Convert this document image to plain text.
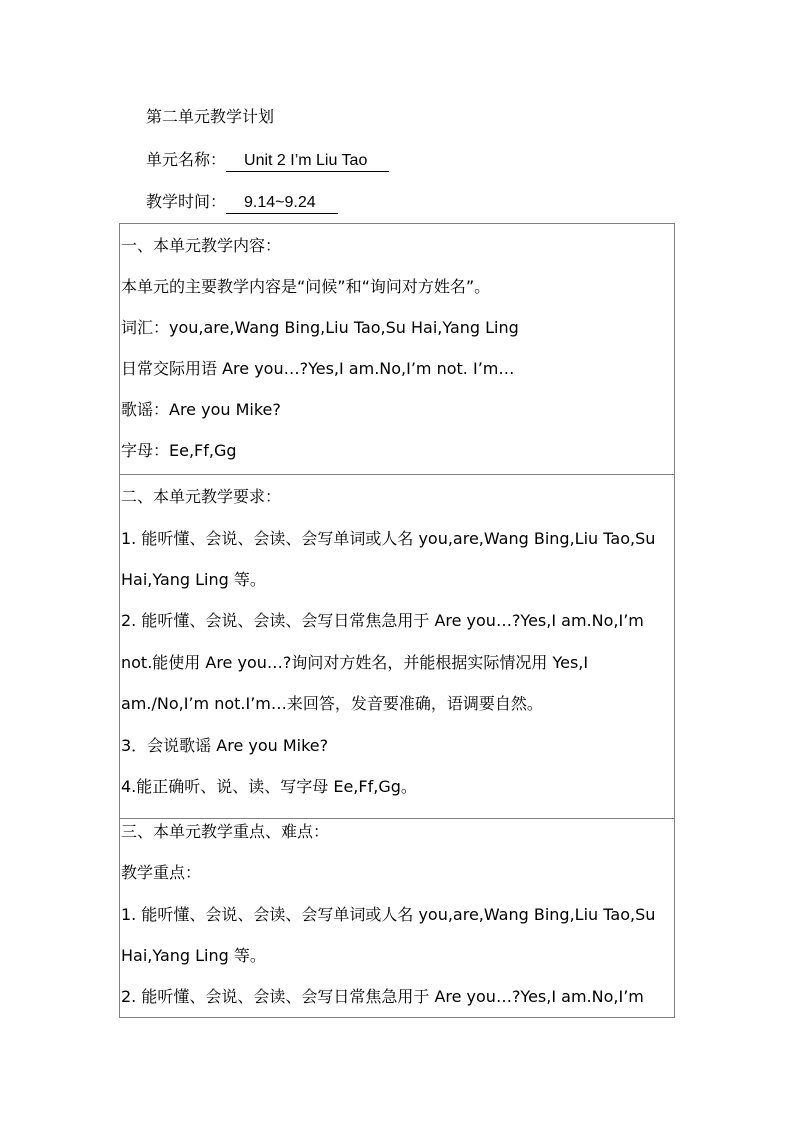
第二单元教学计划
单元名称： Unit 2 I’m Liu Tao
教学时间： 9.14~9.24
一、本单元教学内容：
本单元的主要教学内容是“问候”和“询问对方姓名”。
词汇：you,are,Wang Bing,Liu Tao,Su Hai,Yang Ling
日常交际用语 Are you…?Yes,I am.No,I’m not. I’m…
歌谣：Are you Mike?
字母：Ee,Ff,Gg
二、本单元教学要求：
1. 能听懂、会说、会读、会写单词或人名 you,are,Wang Bing,Liu Tao,Su
Hai,Yang Ling 等。
2. 能听懂、会说、会读、会写日常焦急用于 Are you…?Yes,I am.No,I’m
not.能使用 Are you…?询问对方姓名，并能根据实际情况用 Yes,I
am./No,I’m not.I’m…来回答，发音要准确，语调要自然。
3．会说歌谣 Are you Mike?
4.能正确听、说、读、写字母 Ee,Ff,Gg。
三、本单元教学重点、难点：
教学重点：
1. 能听懂、会说、会读、会写单词或人名 you,are,Wang Bing,Liu Tao,Su
Hai,Yang Ling 等。
2. 能听懂、会说、会读、会写日常焦急用于 Are you…?Yes,I am.No,I’m
